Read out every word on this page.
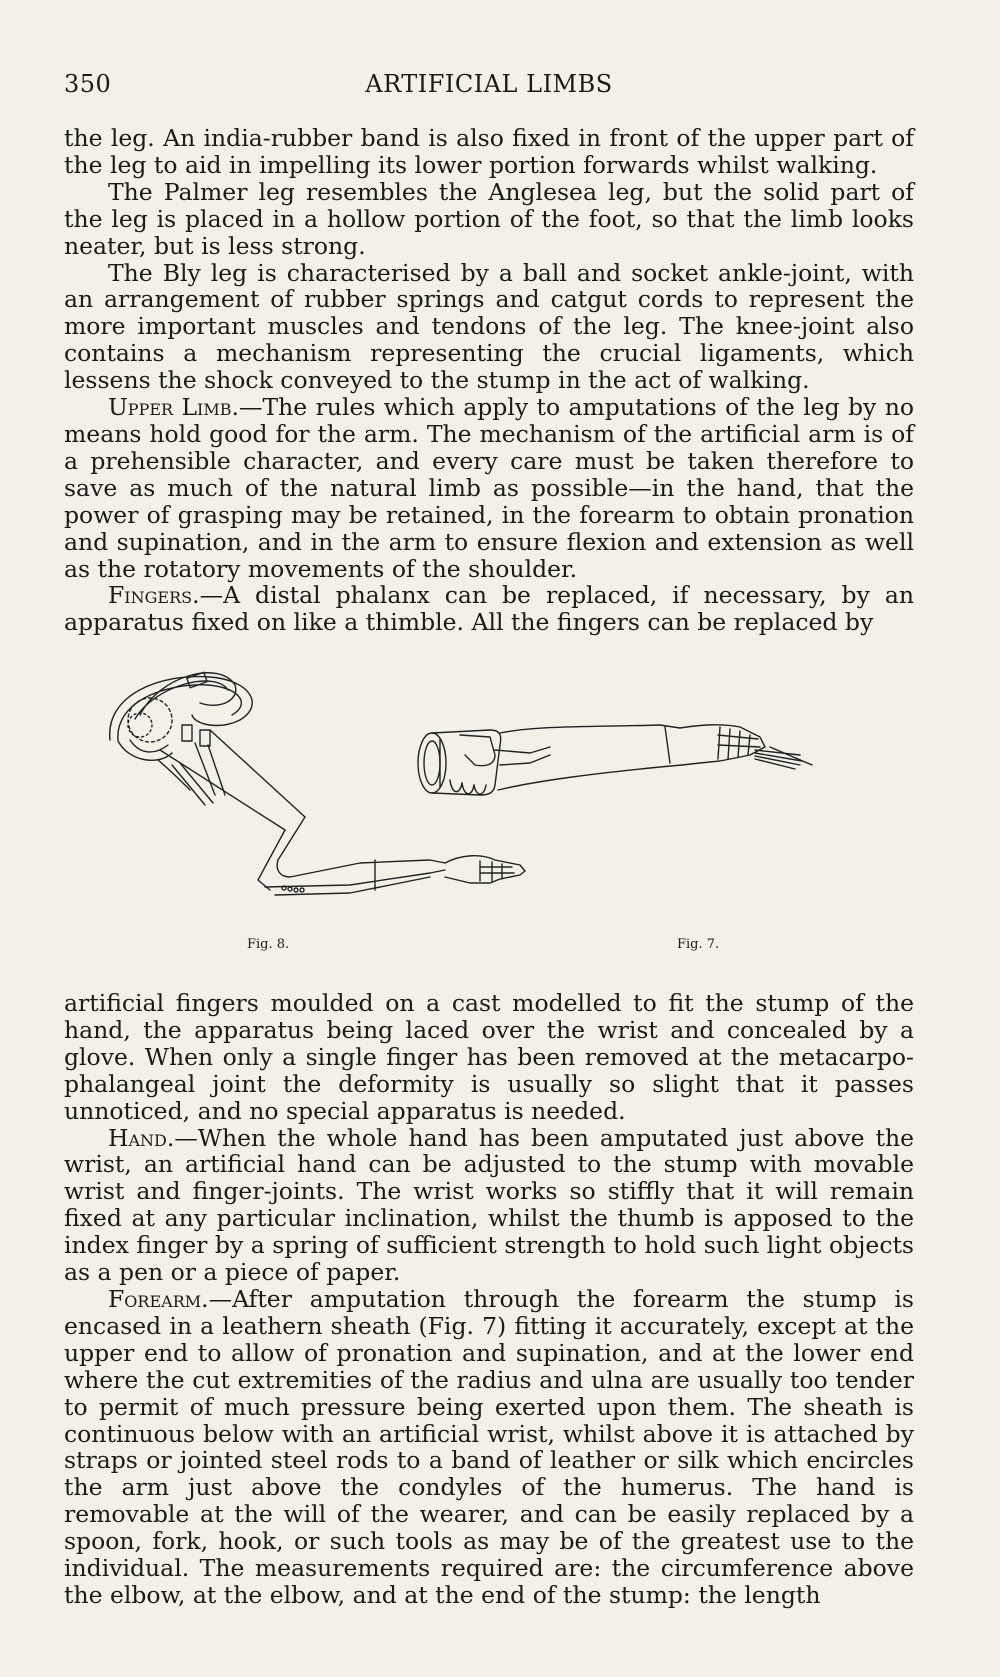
350	ARTIFICIAL LIMBS

the leg. An india-rubber band is also fixed in front of the upper part of the leg to aid in impelling its lower portion forwards whilst walking.

The Palmer leg resembles the Anglesea leg, but the solid part of the leg is placed in a hollow portion of the foot, so that the limb looks neater, but is less strong.

The Bly leg is characterised by a ball and socket ankle-joint, with an arrangement of rubber springs and catgut cords to represent the more important muscles and tendons of the leg. The knee-joint also contains a mechanism representing the crucial ligaments, which lessens the shock conveyed to the stump in the act of walking.

Upper Limb.—The rules which apply to amputations of the leg by no means hold good for the arm. The mechanism of the artificial arm is of a prehensible character, and every care must be taken therefore to save as much of the natural limb as possible—in the hand, that the power of grasping may be retained, in the forearm to obtain pronation and supination, and in the arm to ensure flexion and extension as well as the rotatory movements of the shoulder.

Fingers.—A distal phalanx can be replaced, if necessary, by an apparatus fixed on like a thimble. All the fingers can be replaced by

Fig. 8.	Fig. 7.

artificial fingers moulded on a cast modelled to fit the stump of the hand, the apparatus being laced over the wrist and concealed by a glove. When only a single finger has been removed at the metacarpo-phalangeal joint the deformity is usually so slight that it passes unnoticed, and no special apparatus is needed.

Hand.—When the whole hand has been amputated just above the wrist, an artificial hand can be adjusted to the stump with movable wrist and finger-joints. The wrist works so stiffly that it will remain fixed at any particular inclination, whilst the thumb is apposed to the index finger by a spring of sufficient strength to hold such light objects as a pen or a piece of paper.

Forearm.—After amputation through the forearm the stump is encased in a leathern sheath (Fig. 7) fitting it accurately, except at the upper end to allow of pronation and supination, and at the lower end where the cut extremities of the radius and ulna are usually too tender to permit of much pressure being exerted upon them. The sheath is continuous below with an artificial wrist, whilst above it is attached by straps or jointed steel rods to a band of leather or silk which encircles the arm just above the condyles of the humerus. The hand is removable at the will of the wearer, and can be easily replaced by a spoon, fork, hook, or such tools as may be of the greatest use to the individual. The measurements required are: the circumference above the elbow, at the elbow, and at the end of the stump: the length
